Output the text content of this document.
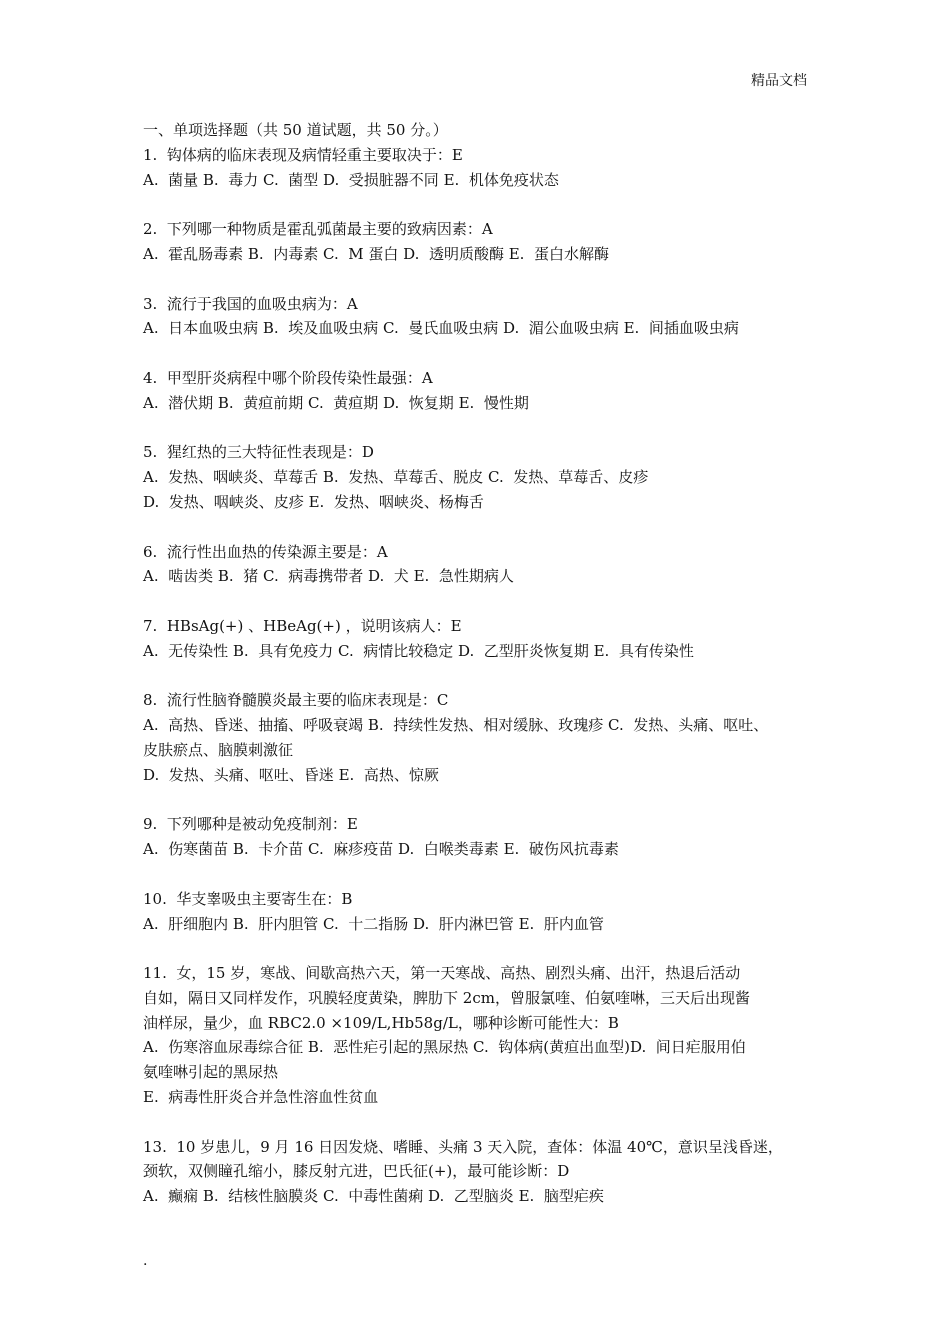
精品文档
一、单项选择题（共 50 道试题，共 50 分。）
1.  钩体病的临床表现及病情轻重主要取决于：E
A.  菌量 B.  毒力 C.  菌型 D.  受损脏器不同 E.  机体免疫状态
2.  下列哪一种物质是霍乱弧菌最主要的致病因素：A
A.  霍乱肠毒素 B.  内毒素 C.  M 蛋白 D.  透明质酸酶 E.  蛋白水解酶
3.  流行于我国的血吸虫病为：A
A.  日本血吸虫病 B.  埃及血吸虫病 C.  曼氏血吸虫病 D.  湄公血吸虫病 E.  间插血吸虫病
4.  甲型肝炎病程中哪个阶段传染性最强：A
A.  潜伏期 B.  黄疸前期 C.  黄疸期 D.  恢复期 E.  慢性期
5.  猩红热的三大特征性表现是：D
A.  发热、咽峡炎、草莓舌 B.  发热、草莓舌、脱皮 C.  发热、草莓舌、皮疹
D.  发热、咽峡炎、皮疹 E.  发热、咽峡炎、杨梅舌
6.  流行性出血热的传染源主要是：A
A.  啮齿类 B.  猪 C.  病毒携带者 D.  犬 E.  急性期病人
7.  HBsAg(+) 、HBeAg(+) ，说明该病人：E
A.  无传染性 B.  具有免疫力 C.  病情比较稳定 D.  乙型肝炎恢复期 E.  具有传染性
8.  流行性脑脊髓膜炎最主要的临床表现是：C
A.  高热、昏迷、抽搐、呼吸衰竭 B.  持续性发热、相对缓脉、玫瑰疹 C.  发热、头痛、呕吐、
皮肤瘀点、脑膜刺激征
D.  发热、头痛、呕吐、昏迷 E.  高热、惊厥
9.  下列哪种是被动免疫制剂：E
A.  伤寒菌苗 B.  卡介苗 C.  麻疹疫苗 D.  白喉类毒素 E.  破伤风抗毒素
10.  华支睾吸虫主要寄生在：B
A.  肝细胞内 B.  肝内胆管 C.  十二指肠 D.  肝内淋巴管 E.  肝内血管
11.  女，15 岁，寒战、间歇高热六天，第一天寒战、高热、剧烈头痛、出汗，热退后活动
自如，隔日又同样发作，巩膜轻度黄染，脾肋下 2cm，曾服氯喹、伯氨喹啉，三天后出现酱
油样尿，量少，血 RBC2.0 ×109/L,Hb58g/L，哪种诊断可能性大：B
A.  伤寒溶血尿毒综合征 B.  恶性疟引起的黑尿热 C.  钩体病(黄疸出血型)D.  间日疟服用伯
氨喹啉引起的黑尿热
E.  病毒性肝炎合并急性溶血性贫血
13.  10 岁患儿，9 月 16 日因发烧、嗜睡、头痛 3 天入院，查体：体温 40℃，意识呈浅昏迷，
颈软，双侧瞳孔缩小，膝反射亢进，巴氏征(+)，最可能诊断：D
A.  癫痫 B.  结核性脑膜炎 C.  中毒性菌痢 D.  乙型脑炎 E.  脑型疟疾
.
